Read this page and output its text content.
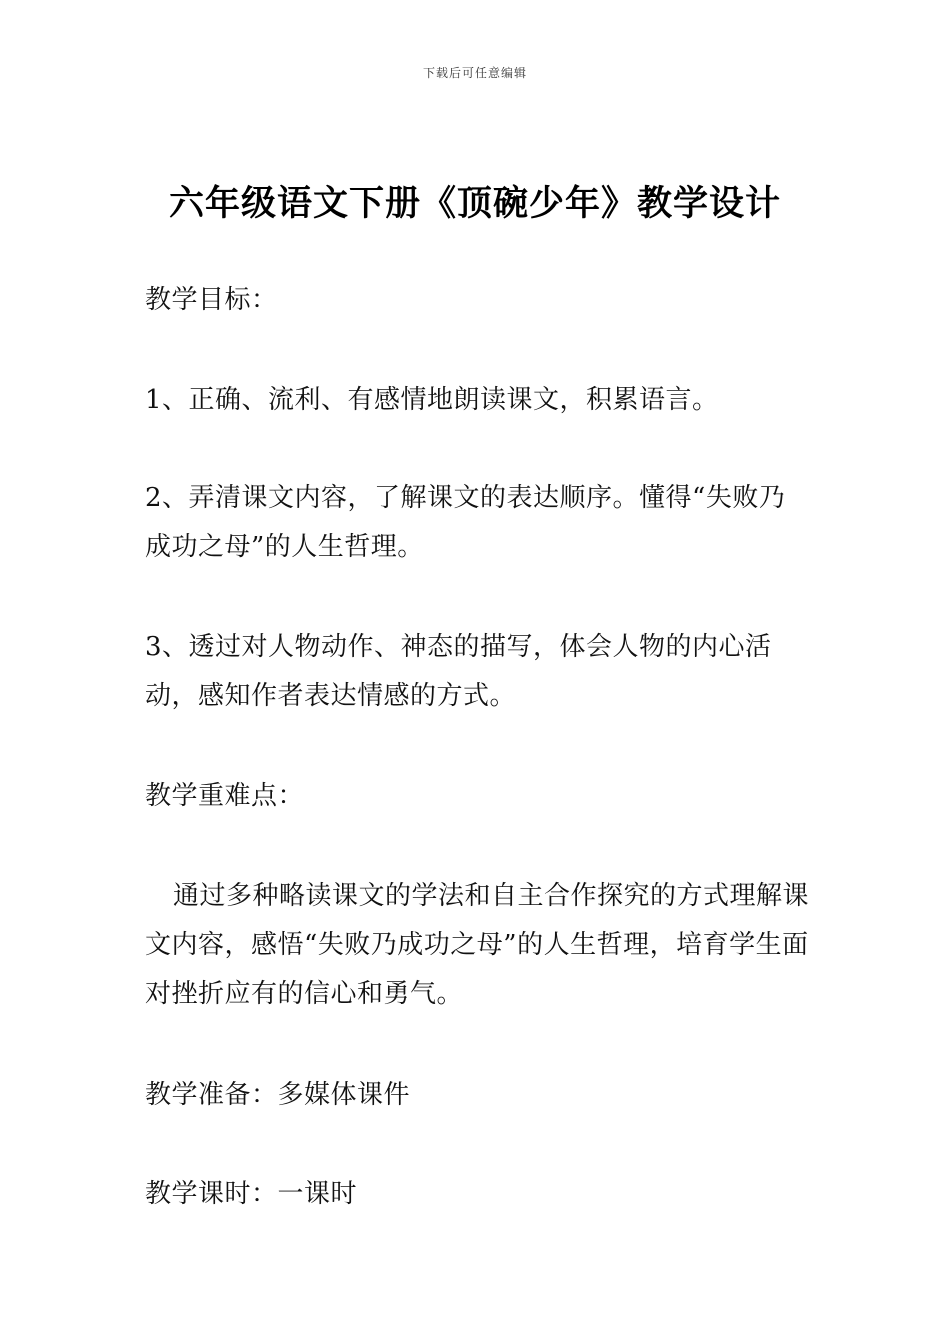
下载后可任意编辑
六年级语文下册《顶碗少年》教学设计

教学目标：

1、正确、流利、有感情地朗读课文，积累语言。

2、弄清课文内容，了解课文的表达顺序。懂得“失败乃成功之母”的人生哲理。

3、透过对人物动作、神态的描写，体会人物的内心活动，感知作者表达情感的方式。

教学重难点：

通过多种略读课文的学法和自主合作探究的方式理解课文内容，感悟“失败乃成功之母”的人生哲理，培育学生面对挫折应有的信心和勇气。

教学准备：多媒体课件

教学课时：一课时
